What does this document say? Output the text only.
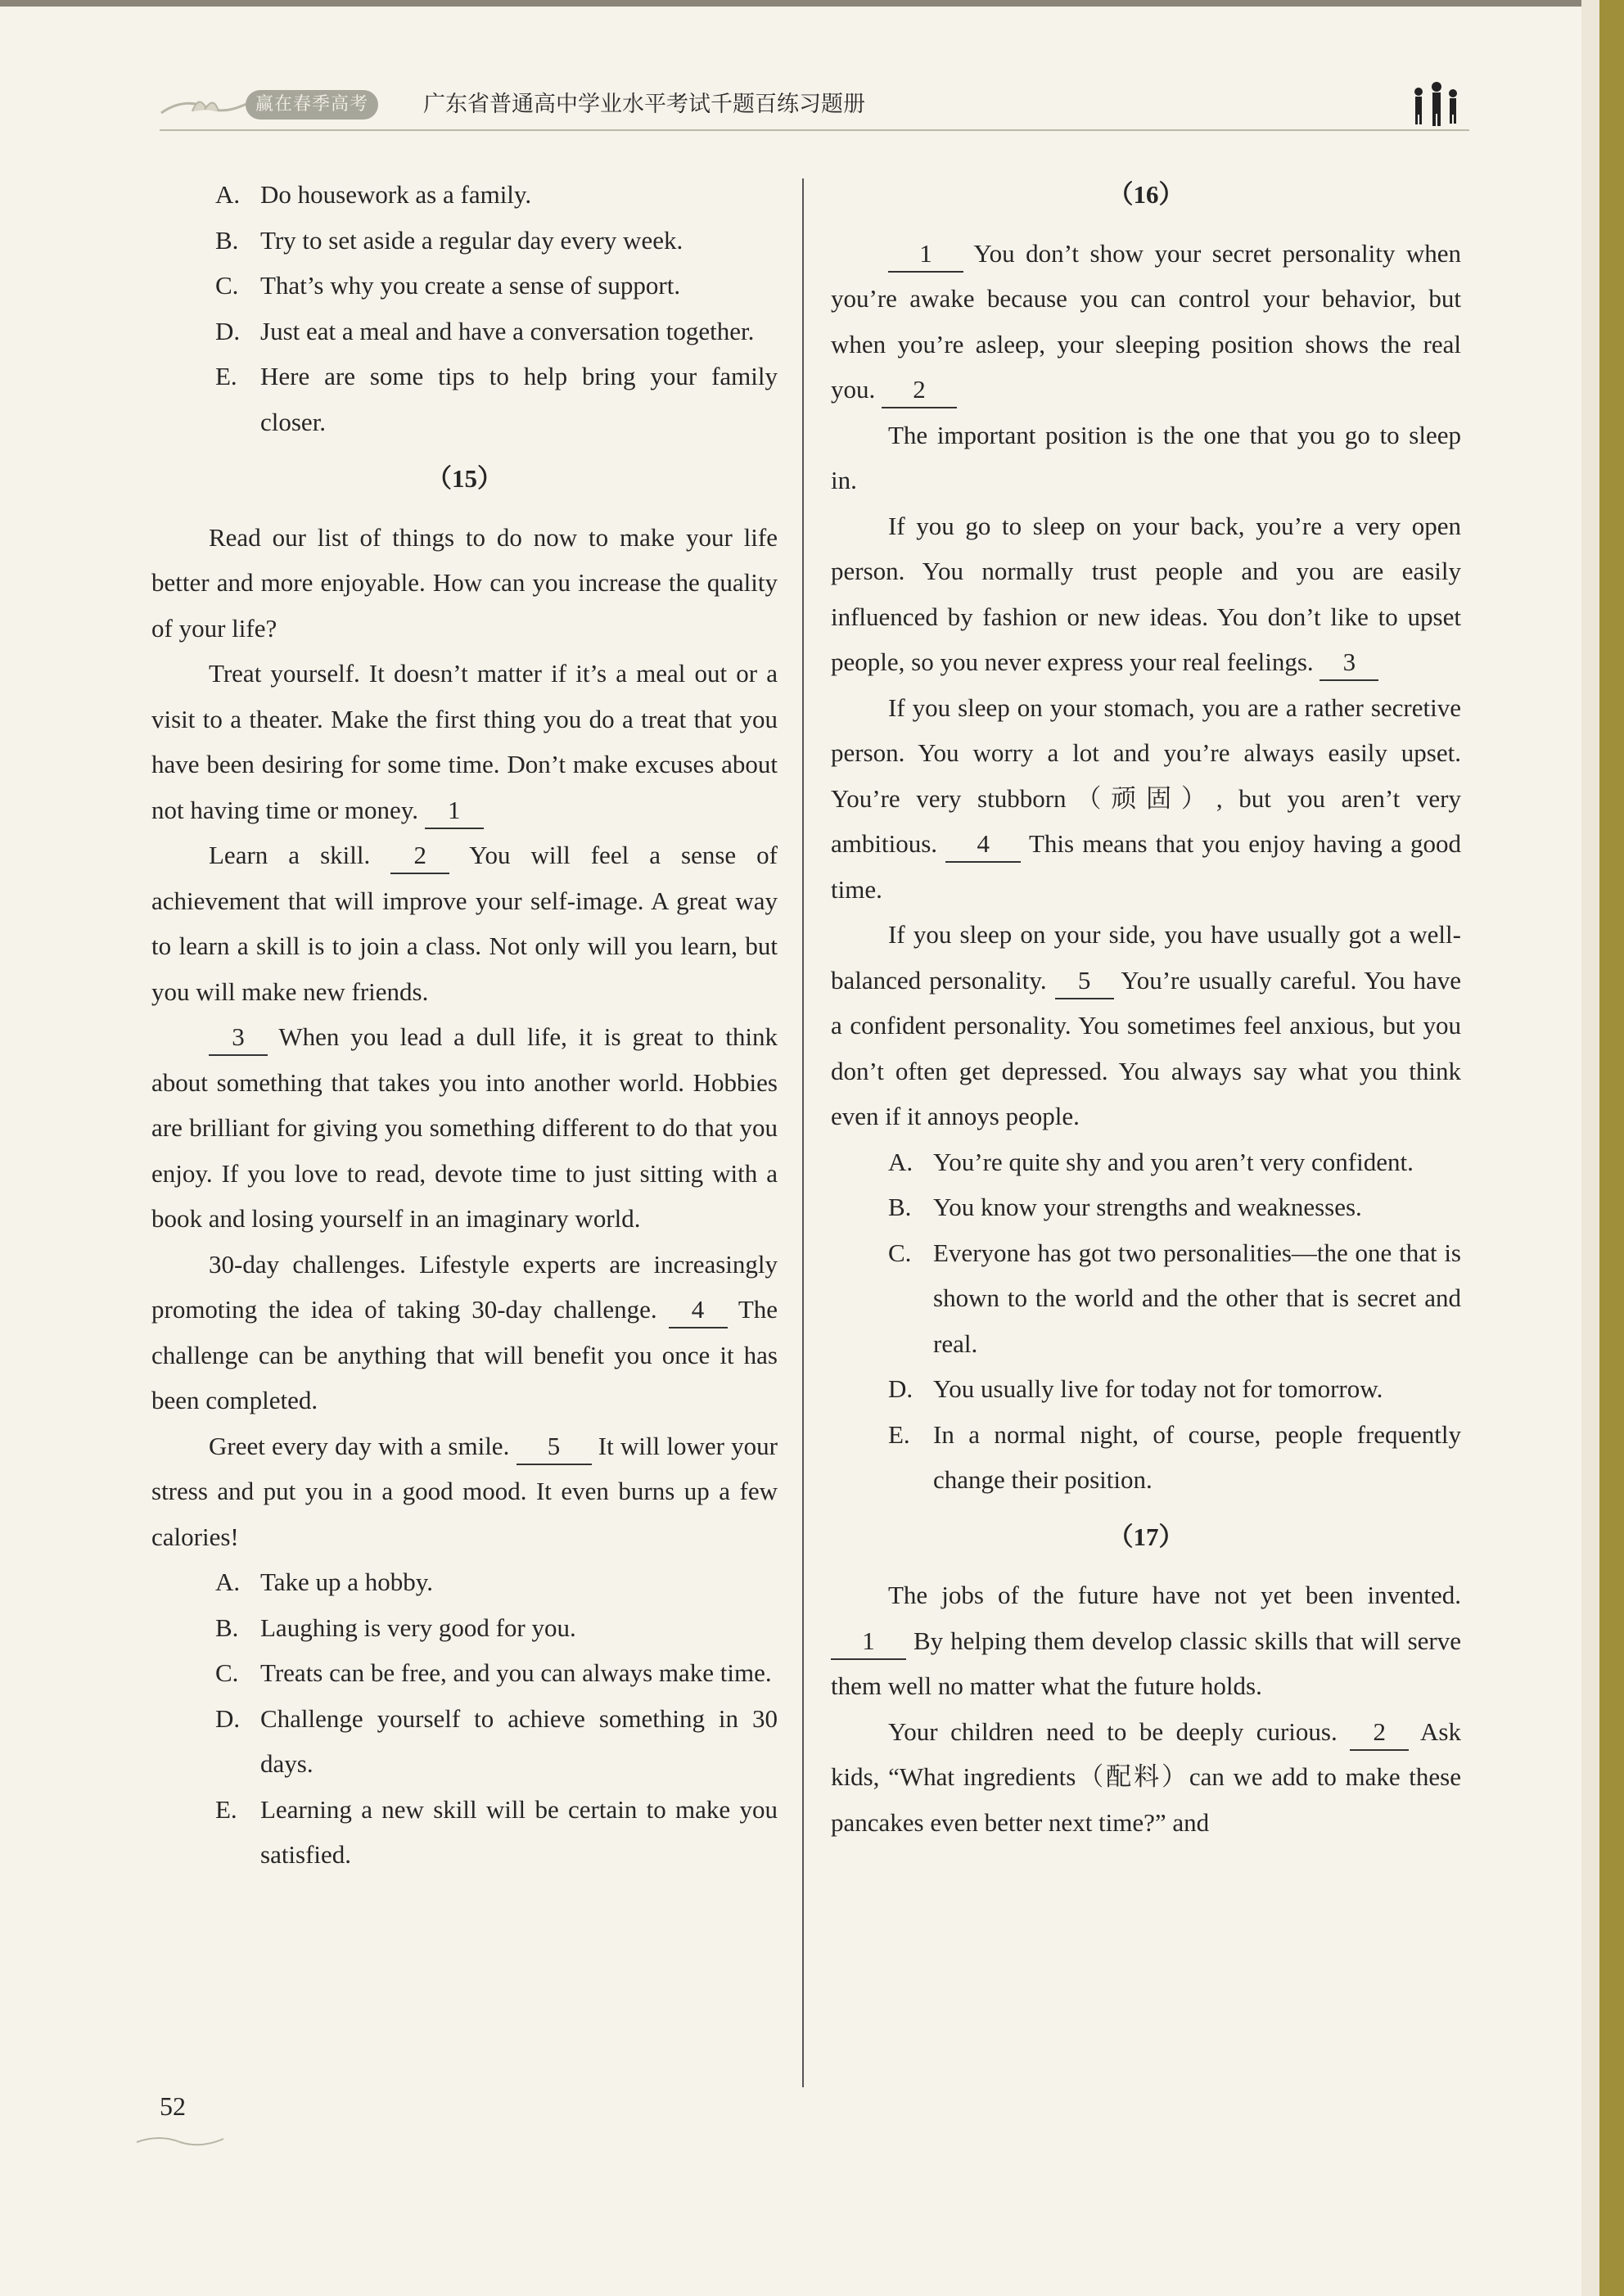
赢在春季高考	广东省普通高中学业水平考试千题百练习题册
A. Do housework as a family.
B. Try to set aside a regular day every week.
C. That’s why you create a sense of support.
D. Just eat a meal and have a conversation together.
E. Here are some tips to help bring your family closer.
（15）

Read our list of things to do now to make your life better and more enjoyable. How can you increase the quality of your life?

Treat yourself. It doesn’t matter if it’s a meal out or a visit to a theater. Make the first thing you do a treat that you have been desiring for some time. Don’t make excuses about not having time or money. 1

Learn a skill. 2 You will feel a sense of achievement that will improve your self-image. A great way to learn a skill is to join a class. Not only will you learn, but you will make new friends.

3 When you lead a dull life, it is great to think about something that takes you into another world. Hobbies are brilliant for giving you something different to do that you enjoy. If you love to read, devote time to just sitting with a book and losing yourself in an imaginary world.

30-day challenges. Lifestyle experts are increasingly promoting the idea of taking 30-day challenge. 4 The challenge can be anything that will benefit you once it has been completed.

Greet every day with a smile. 5 It will lower your stress and put you in a good mood. It even burns up a few calories!

A. Take up a hobby.
B. Laughing is very good for you.
C. Treats can be free, and you can always make time.
D. Challenge yourself to achieve something in 30 days.
E. Learning a new skill will be certain to make you satisfied.
（16）

1 You don’t show your secret personality when you’re awake because you can control your behavior, but when you’re asleep, your sleeping position shows the real you. 2

The important position is the one that you go to sleep in.

If you go to sleep on your back, you’re a very open person. You normally trust people and you are easily influenced by fashion or new ideas. You don’t like to upset people, so you never express your real feelings. 3

If you sleep on your stomach, you are a rather secretive person. You worry a lot and you’re always easily upset. You’re very stubborn（顽固）, but you aren’t very ambitious. 4 This means that you enjoy having a good time.

If you sleep on your side, you have usually got a well-balanced personality. 5 You’re usually careful. You have a confident personality. You sometimes feel anxious, but you don’t often get depressed. You always say what you think even if it annoys people.

A. You’re quite shy and you aren’t very confident.
B. You know your strengths and weaknesses.
C. Everyone has got two personalities—the one that is shown to the world and the other that is secret and real.
D. You usually live for today not for tomorrow.
E. In a normal night, of course, people frequently change their position.
（17）

The jobs of the future have not yet been invented. 1 By helping them develop classic skills that will serve them well no matter what the future holds.

Your children need to be deeply curious. 2 Ask kids, “What ingredients（配料）can we add to make these pancakes even better next time?” and

52
